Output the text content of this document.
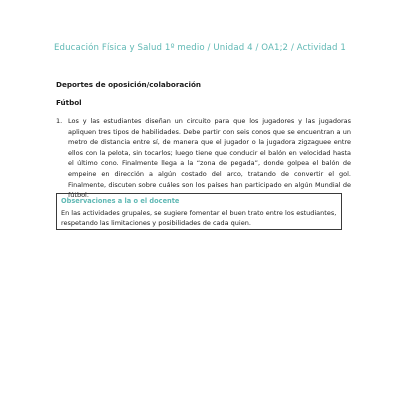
Educación Física y Salud 1º medio / Unidad 4 / OA1;2 / Actividad 1
Deportes de oposición/colaboración
Fútbol
1. Los y las estudiantes diseñan un circuito para que los jugadores y las jugadoras apliquen tres tipos de habilidades. Debe partir con seis conos que se encuentran a un metro de distancia entre sí, de manera que el jugador o la jugadora zigzaguee entre ellos con la pelota, sin tocarlos; luego tiene que conducir el balón en velocidad hasta el último cono. Finalmente llega a la “zona de pegada”, donde golpea el balón de empeine en dirección a algún costado del arco, tratando de convertir el gol. Finalmente, discuten sobre cuáles son los países han participado en algún Mundial de fútbol.
Observaciones a la o el docente
En las actividades grupales, se sugiere fomentar el buen trato entre los estudiantes, respetando las limitaciones y posibilidades de cada quien.
